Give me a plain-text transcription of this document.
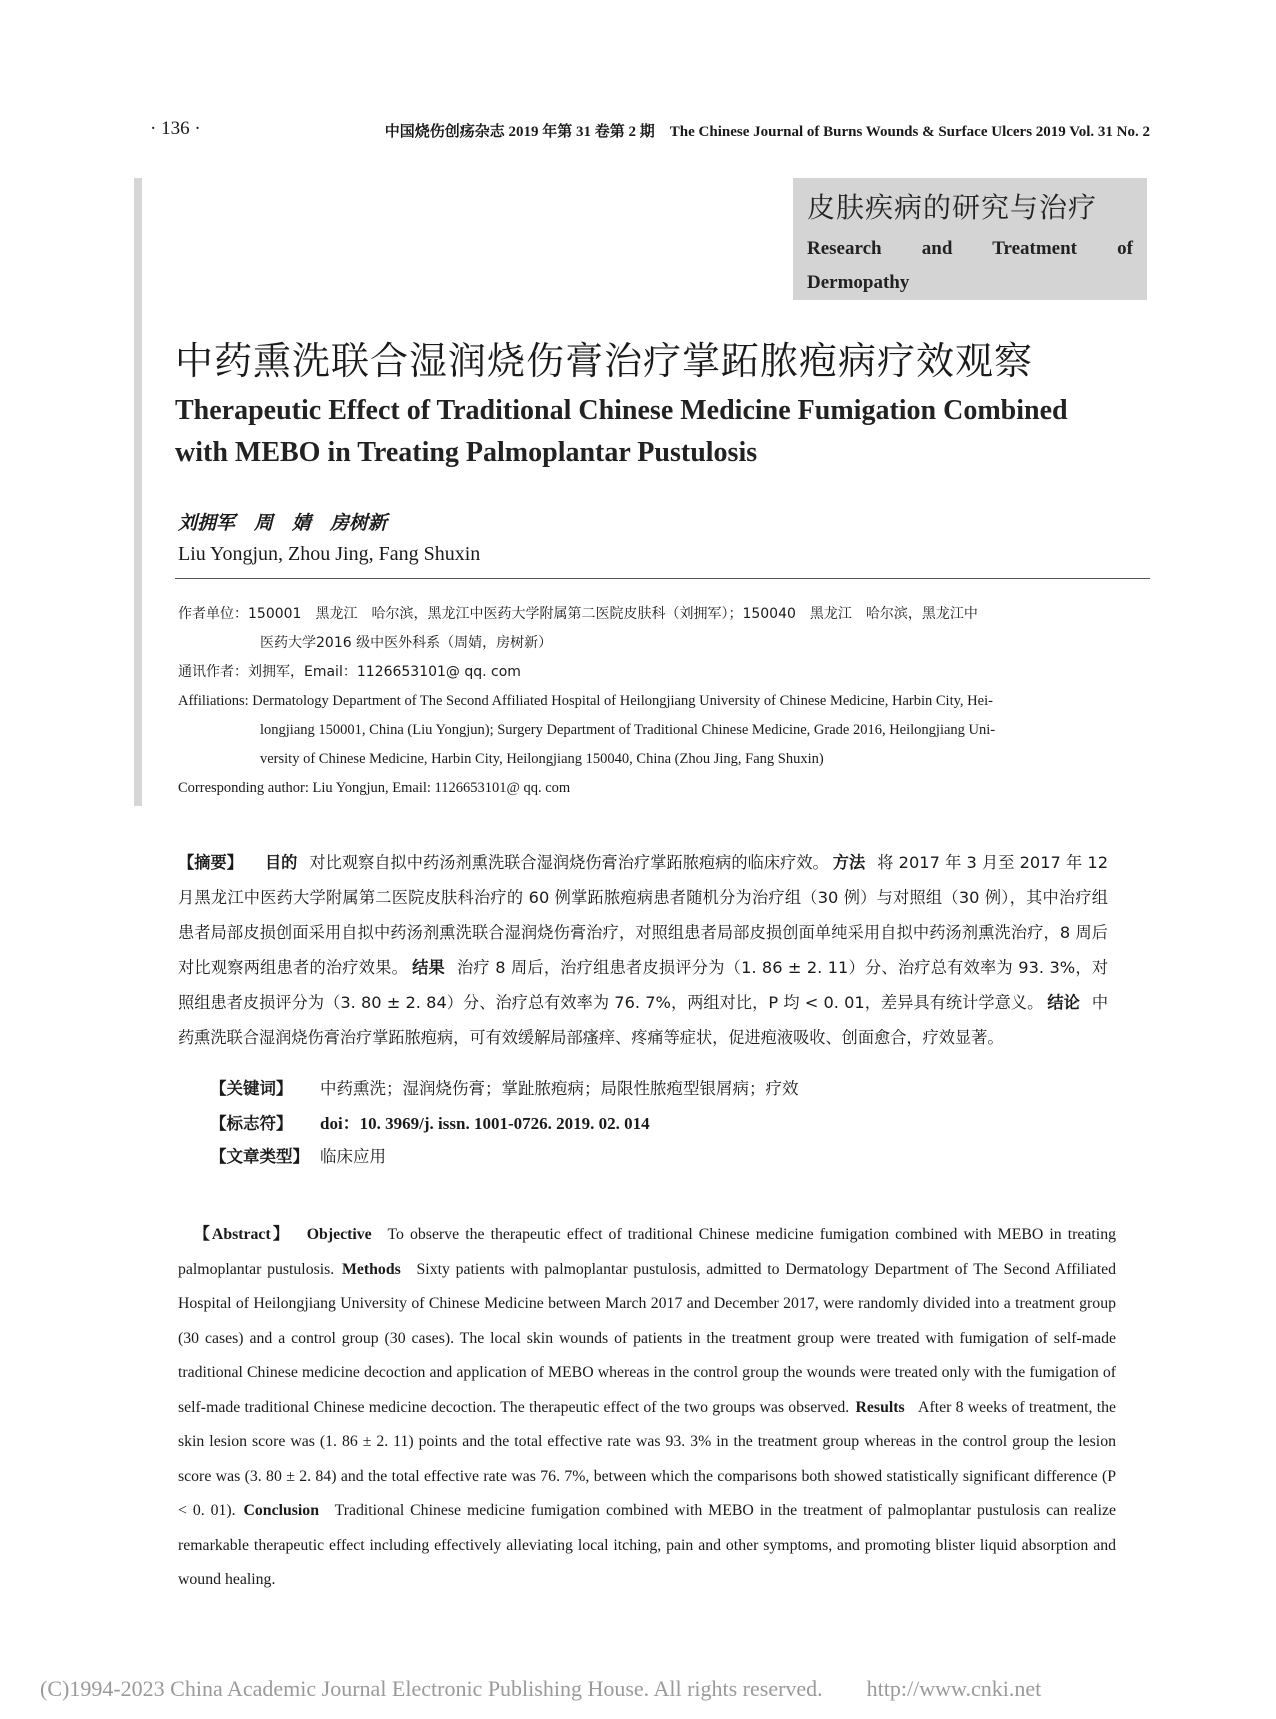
· 136 ·	中国烧伤创疡杂志 2019 年第 31 卷第 2 期　The Chinese Journal of Burns Wounds & Surface Ulcers 2019 Vol. 31 No. 2
皮肤疾病的研究与治疗
Research and Treatment of Dermopathy
中药熏洗联合湿润烧伤膏治疗掌跖脓疱病疗效观察
Therapeutic Effect of Traditional Chinese Medicine Fumigation Combined with MEBO in Treating Palmoplantar Pustulosis
刘拥军　周　婧　房树新
Liu Yongjun, Zhou Jing, Fang Shuxin
作者单位：150001　黑龙江　哈尔滨，黑龙江中医药大学附属第二医院皮肤科（刘拥军）；150040　黑龙江　哈尔滨，黑龙江中
医药大学2016 级中医外科系（周婧，房树新）
通讯作者：刘拥军，Email：1126653101@ qq. com
Affiliations: Dermatology Department of The Second Affiliated Hospital of Heilongjiang University of Chinese Medicine, Harbin City, Hei-
longjiang 150001, China (Liu Yongjun); Surgery Department of Traditional Chinese Medicine, Grade 2016, Heilongjiang Uni-
versity of Chinese Medicine, Harbin City, Heilongjiang 150040, China (Zhou Jing, Fang Shuxin)
Corresponding author: Liu Yongjun, Email: 1126653101@ qq. com
【摘要】 目的 对比观察自拟中药汤剂熏洗联合湿润烧伤膏治疗掌跖脓疱病的临床疗效。 方法 将 2017 年 3 月至 2017 年 12 月黑龙江中医药大学附属第二医院皮肤科治疗的 60 例掌跖脓疱病患者随机分为治疗组（30 例）与对照组（30 例），其中治疗组患者局部皮损创面采用自拟中药汤剂熏洗联合湿润烧伤膏治疗，对照组患者局部皮损创面单纯采用自拟中药汤剂熏洗治疗，8 周后对比观察两组患者的治疗效果。 结果 治疗 8 周后，治疗组患者皮损评分为（1. 86 ± 2. 11）分、治疗总有效率为 93. 3%，对照组患者皮损评分为（3. 80 ± 2. 84）分、治疗总有效率为 76. 7%，两组对比，P 均 < 0. 01，差异具有统计学意义。 结论 中药熏洗联合湿润烧伤膏治疗掌跖脓疱病，可有效缓解局部瘙痒、疼痛等症状，促进疱液吸收、创面愈合，疗效显著。
【关键词】 中药熏洗；湿润烧伤膏；掌趾脓疱病；局限性脓疱型银屑病；疗效
【标志符】 doi：10. 3969/j. issn. 1001-0726. 2019. 02. 014
【文章类型】 临床应用
【Abstract】 Objective To observe the therapeutic effect of traditional Chinese medicine fumigation combined with MEBO in treating palmoplantar pustulosis. Methods Sixty patients with palmoplantar pustulosis, admitted to Dermatology Department of The Second Affiliated Hospital of Heilongjiang University of Chinese Medicine between March 2017 and December 2017, were randomly divided into a treatment group (30 cases) and a control group (30 cases). The local skin wounds of patients in the treatment group were treated with fumigation of self-made traditional Chinese medicine decoction and application of MEBO whereas in the control group the wounds were treated only with the fumigation of self-made traditional Chinese medicine decoction. The therapeutic effect of the two groups was observed. Results After 8 weeks of treatment, the skin lesion score was (1. 86 ± 2. 11) points and the total effective rate was 93. 3% in the treatment group whereas in the control group the lesion score was (3. 80 ± 2. 84) and the total effective rate was 76. 7%, between which the comparisons both showed statistically significant difference (P < 0. 01). Conclusion Traditional Chinese medicine fumigation combined with MEBO in the treatment of palmoplantar pustulosis can realize remarkable therapeutic effect including effectively alleviating local itching, pain and other symptoms, and promoting blister liquid absorption and wound healing.
(C)1994-2023 China Academic Journal Electronic Publishing House. All rights reserved.　　http://www.cnki.net
